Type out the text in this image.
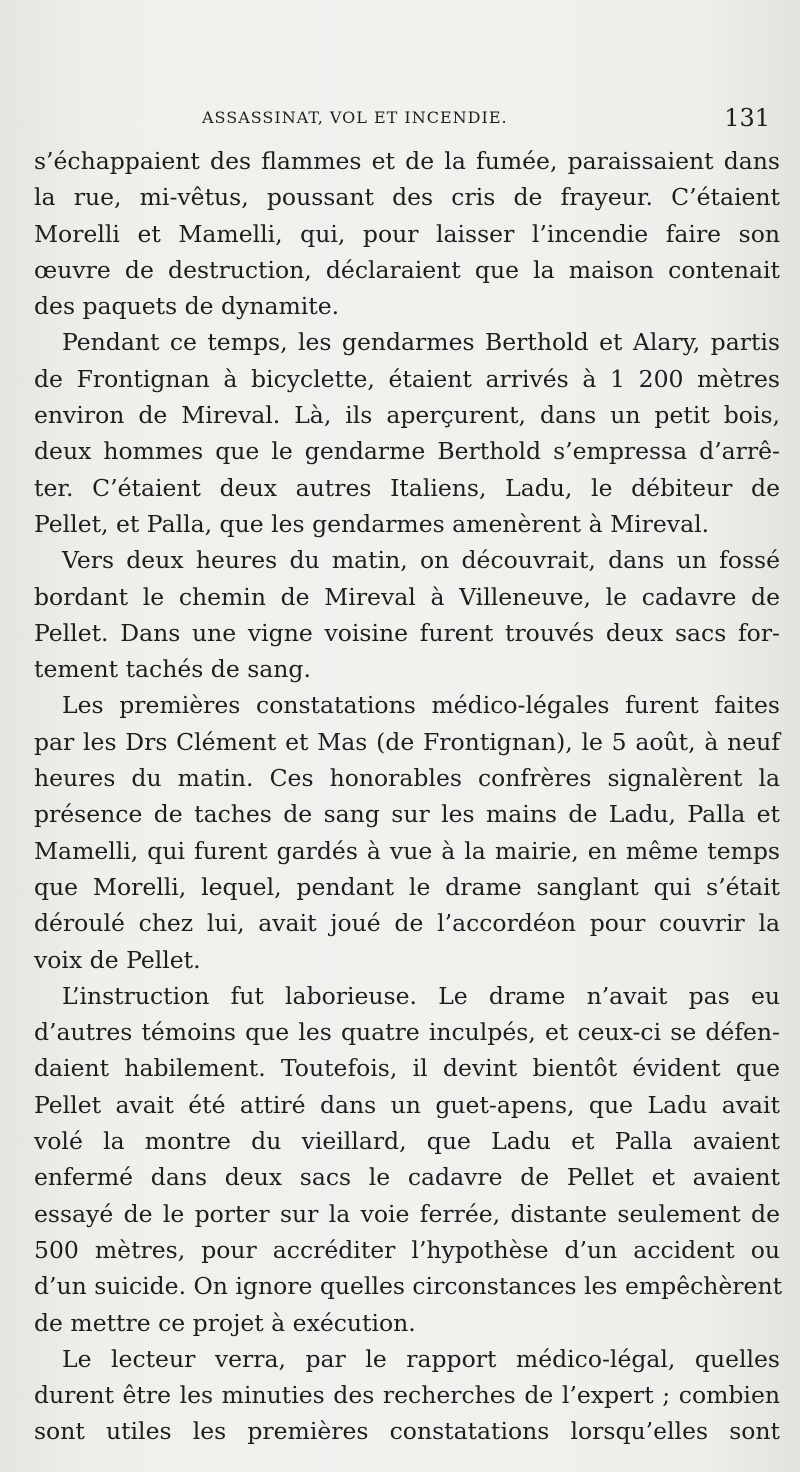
ASSASSINAT, VOL ET INCENDIE.	131
s’échappaient des flammes et de la fumée, paraissaient dans
la rue, mi-vêtus, poussant des cris de frayeur. C’étaient
Morelli et Mamelli, qui, pour laisser l’incendie faire son
œuvre de destruction, déclaraient que la maison contenait
des paquets de dynamite.
Pendant ce temps, les gendarmes Berthold et Alary, partis
de Frontignan à bicyclette, étaient arrivés à 1 200 mètres
environ de Mireval. Là, ils aperçurent, dans un petit bois,
deux hommes que le gendarme Berthold s’empressa d’arrê-
ter. C’étaient deux autres Italiens, Ladu, le débiteur de
Pellet, et Palla, que les gendarmes amenèrent à Mireval.
Vers deux heures du matin, on découvrait, dans un fossé
bordant le chemin de Mireval à Villeneuve, le cadavre de
Pellet. Dans une vigne voisine furent trouvés deux sacs for-
tement tachés de sang.
Les premières constatations médico-légales furent faites
par les Drs Clément et Mas (de Frontignan), le 5 août, à neuf
heures du matin. Ces honorables confrères signalèrent la
présence de taches de sang sur les mains de Ladu, Palla et
Mamelli, qui furent gardés à vue à la mairie, en même temps
que Morelli, lequel, pendant le drame sanglant qui s’était
déroulé chez lui, avait joué de l’accordéon pour couvrir la
voix de Pellet.
L’instruction fut laborieuse. Le drame n’avait pas eu
d’autres témoins que les quatre inculpés, et ceux-ci se défen-
daient habilement. Toutefois, il devint bientôt évident que
Pellet avait été attiré dans un guet-apens, que Ladu avait
volé la montre du vieillard, que Ladu et Palla avaient
enfermé dans deux sacs le cadavre de Pellet et avaient
essayé de le porter sur la voie ferrée, distante seulement de
500 mètres, pour accréditer l’hypothèse d’un accident ou
d’un suicide. On ignore quelles circonstances les empêchèrent
de mettre ce projet à exécution.
Le lecteur verra, par le rapport médico-légal, quelles
durent être les minuties des recherches de l’expert ; combien
sont utiles les premières constatations lorsqu’elles sont
